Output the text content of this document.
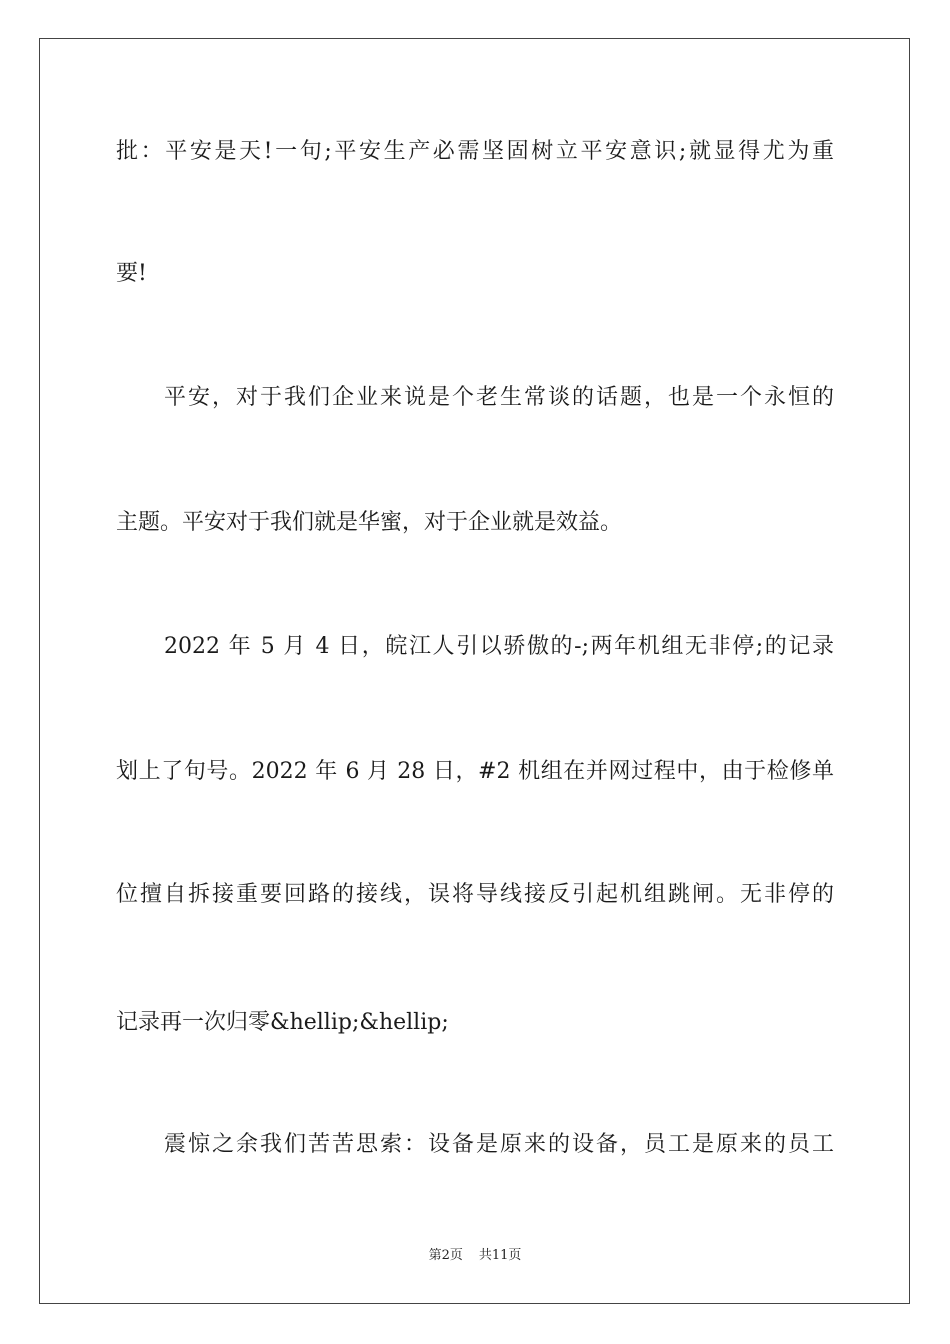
批：平安是天!一句;平安生产必需坚固树立平安意识;就显得尤为重
要!
平安，对于我们企业来说是个老生常谈的话题，也是一个永恒的
主题。平安对于我们就是华蜜，对于企业就是效益。
2022 年 5 月 4 日，皖江人引以骄傲的-;两年机组无非停;的记录
划上了句号。2022 年 6 月 28 日，#2 机组在并网过程中，由于检修单
位擅自拆接重要回路的接线，误将导线接反引起机组跳闸。无非停的
记录再一次归零&hellip;&hellip;
震惊之余我们苦苦思索：设备是原来的设备，员工是原来的员工
第2页 共11页
